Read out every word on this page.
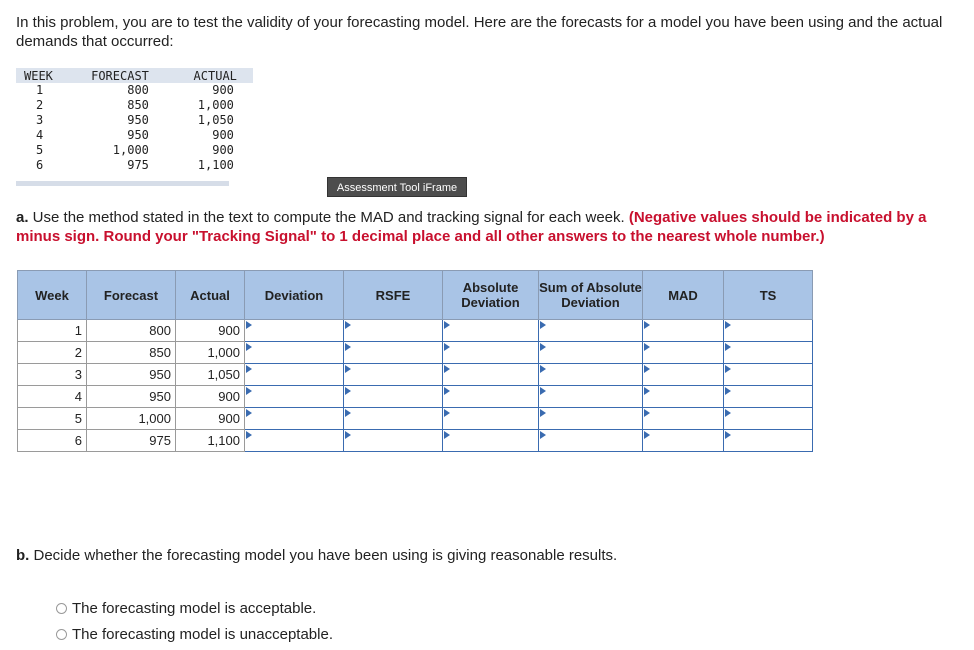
In this problem, you are to test the validity of your forecasting model. Here are the forecasts for a model you have been using and the actual demands that occurred:
WEEK	FORECAST	ACTUAL
1	800	900
2	850	1,000
3	950	1,050
4	950	900
5	1,000	900
6	975	1,100
Assessment Tool iFrame
a. Use the method stated in the text to compute the MAD and tracking signal for each week. (Negative values should be indicated by a minus sign. Round your "Tracking Signal" to 1 decimal place and all other answers to the nearest whole number.)
Week	Forecast	Actual	Deviation	RSFE	Absolute Deviation	Sum of Absolute Deviation	MAD	TS
1	800	900	

2	850	1,000	

3	950	1,050	

4	950	900	

5	1,000	900	

6	975	1,100	

b. Decide whether the forecasting model you have been using is giving reasonable results.
The forecasting model is acceptable.
The forecasting model is unacceptable.
